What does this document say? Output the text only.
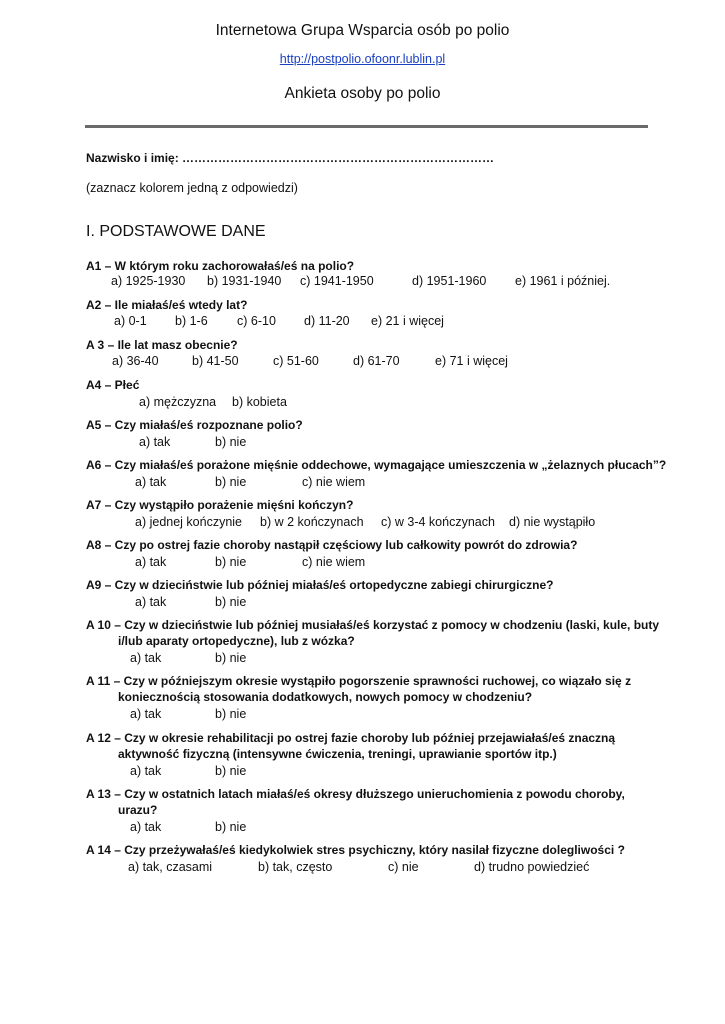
Internetowa Grupa Wsparcia osób po polio
http://postpolio.ofoonr.lublin.pl
Ankieta osoby po polio
Nazwisko i imię: ……………………………………………………………………
(zaznacz kolorem jedną z odpowiedzi)
I. PODSTAWOWE DANE
A1 – W którym roku zachorowałaś/eś na polio?
a) 1925-1930 b) 1931-1940 c) 1941-1950	d) 1951-1960 e) 1961 i później.
A2 – Ile miałaś/eś wtedy lat?
a) 0-1 b) 1-6 c) 6-10 d) 11-20 e) 21 i więcej
A 3 – Ile lat masz obecnie?
a) 36-40	b) 41-50	c) 51-60	d) 61-70	e) 71 i więcej
A4 – Płeć
a) mężczyzna b) kobieta
A5 – Czy miałaś/eś rozpoznane polio?
a) tak	b) nie
A6 – Czy miałaś/eś porażone mięśnie oddechowe, wymagające umieszczenia w „żelaznych płucach”?
a) tak	b) nie	c) nie wiem
A7 – Czy wystąpiło porażenie mięśni kończyn?
a) jednej kończynie b) w 2 kończynach c) w 3-4 kończynach d) nie wystąpiło
A8 – Czy po ostrej fazie choroby nastąpił częściowy lub całkowity powrót do zdrowia?
a) tak	b) nie	c) nie wiem
A9 – Czy w dzieciństwie lub później miałaś/eś ortopedyczne zabiegi chirurgiczne?
a) tak	b) nie
A 10 – Czy w dzieciństwie lub później musiałaś/eś korzystać z pomocy w chodzeniu (laski, kule, buty
i/lub aparaty ortopedyczne), lub z wózka?
a) tak	b) nie
A 11 – Czy w późniejszym okresie wystąpiło pogorszenie sprawności ruchowej, co wiązało się z
koniecznością stosowania dodatkowych, nowych pomocy w chodzeniu?
a) tak	b) nie
A 12 – Czy w okresie rehabilitacji po ostrej fazie choroby lub później przejawiałaś/eś znaczną
aktywność fizyczną (intensywne ćwiczenia, treningi, uprawianie sportów itp.)
a) tak	b) nie
A 13 – Czy w ostatnich latach miałaś/eś okresy dłuższego unieruchomienia z powodu choroby,
urazu?
a) tak	b) nie
A 14 – Czy przeżywałaś/eś kiedykolwiek stres psychiczny, który nasilał fizyczne dolegliwości ?
a) tak, czasami	b) tak, często	c) nie	d) trudno powiedzieć
